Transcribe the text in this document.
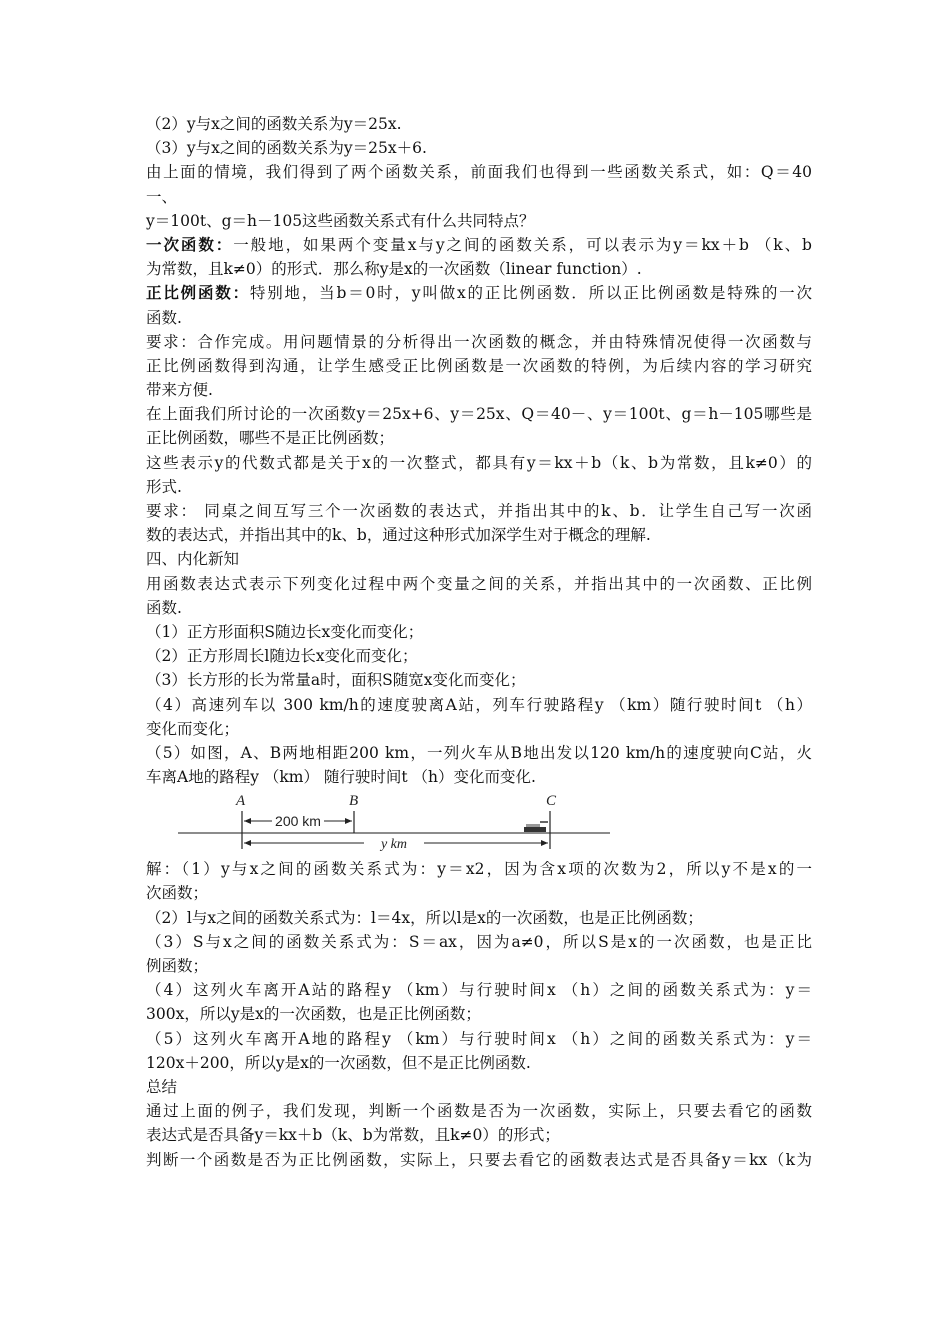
（2）y与x之间的函数关系为y＝25x.
（3）y与x之间的函数关系为y＝25x＋6.
由上面的情境，我们得到了两个函数关系，前面我们也得到一些函数关系式，如：Q＝40
一、
y＝100t、g＝h－105这些函数关系式有什么共同特点？
一次函数：一般地，如果两个变量x与y之间的函数关系，可以表示为y＝kx＋b （k、b
为常数，且k≠0）的形式．那么称y是x的一次函数（linear function）.
正比例函数：特别地，当b＝0时，y叫做x的正比例函数．所以正比例函数是特殊的一次
函数.
要求：合作完成。用问题情景的分析得出一次函数的概念，并由特殊情况使得一次函数与
正比例函数得到沟通，让学生感受正比例函数是一次函数的特例，为后续内容的学习研究
带来方便.
在上面我们所讨论的一次函数y＝25x+6、y＝25x、Q＝40－、y＝100t、g＝h－105哪些是
正比例函数，哪些不是正比例函数；
这些表示y的代数式都是关于x的一次整式，都具有y＝kx＋b（k、b为常数，且k≠0）的
形式.
要求： 同桌之间互写三个一次函数的表达式，并指出其中的k、b．让学生自己写一次函
数的表达式，并指出其中的k、b，通过这种形式加深学生对于概念的理解.
四、内化新知
用函数表达式表示下列变化过程中两个变量之间的关系，并指出其中的一次函数、正比例
函数.
（1）正方形面积S随边长x变化而变化；
（2）正方形周长l随边长x变化而变化；
（3）长方形的长为常量a时，面积S随宽x变化而变化；
（4）高速列车以 300 km/h的速度驶离A站，列车行驶路程y （km）随行驶时间t （h）
变化而变化；
（5）如图，A、B两地相距200 km，一列火车从B地出发以120 km/h的速度驶向C站，火
车离A地的路程y （km） 随行驶时间t （h）变化而变化.
A	B	C
200 km
y km
解：（1）y与x之间的函数关系式为：y＝x2，因为含x项的次数为2，所以y不是x的一
次函数；
（2）l与x之间的函数关系式为：l＝4x，所以l是x的一次函数，也是正比例函数；
（3）S与x之间的函数关系式为：S＝ax，因为a≠0，所以S是x的一次函数，也是正比
例函数；
（4）这列火车离开A站的路程y （km）与行驶时间x （h）之间的函数关系式为：y＝
300x，所以y是x的一次函数，也是正比例函数；
（5）这列火车离开A地的路程y （km）与行驶时间x （h）之间的函数关系式为：y＝
120x＋200，所以y是x的一次函数，但不是正比例函数.
总结
通过上面的例子，我们发现，判断一个函数是否为一次函数，实际上，只要去看它的函数
表达式是否具备y＝kx＋b（k、b为常数，且k≠0）的形式；
判断一个函数是否为正比例函数，实际上，只要去看它的函数表达式是否具备y＝kx（k为
